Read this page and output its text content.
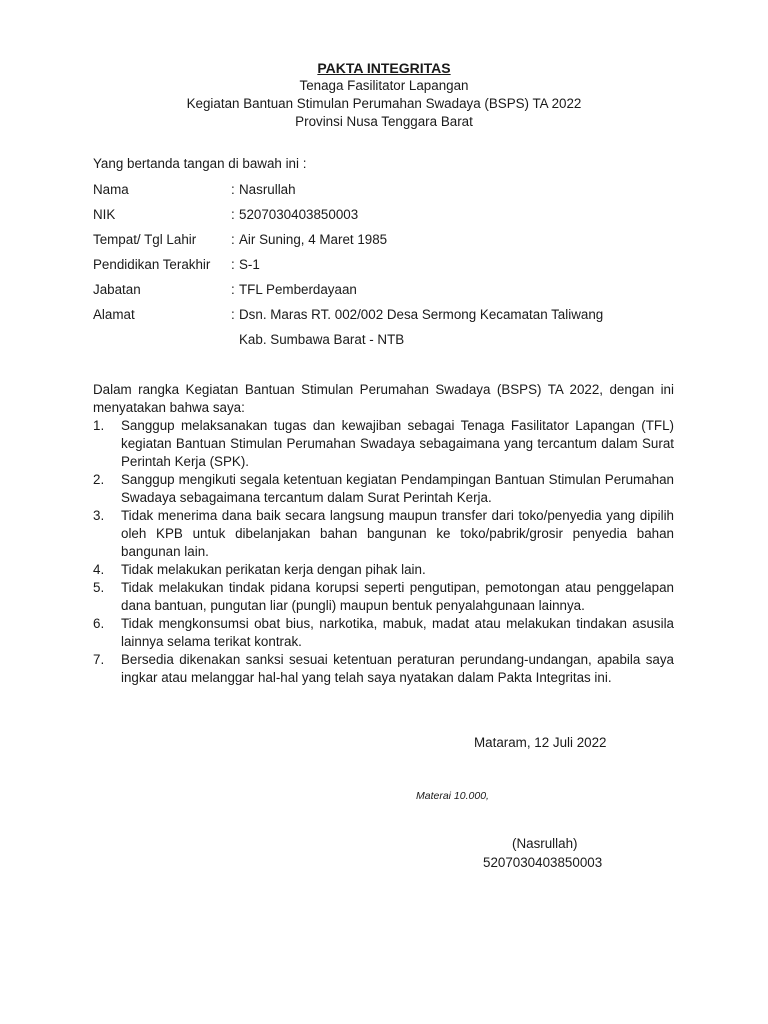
PAKTA INTEGRITAS
Tenaga Fasilitator Lapangan
Kegiatan Bantuan Stimulan Perumahan Swadaya (BSPS) TA 2022
Provinsi Nusa Tenggara Barat
Yang bertanda tangan di bawah ini :
Nama	: Nasrullah
NIK	: 5207030403850003
Tempat/ Tgl Lahir	: Air Suning, 4 Maret 1985
Pendidikan Terakhir	: S-1
Jabatan	: TFL Pemberdayaan
Alamat	: Dsn. Maras RT. 002/002 Desa Sermong Kecamatan Taliwang
Kab. Sumbawa Barat - NTB

Dalam rangka Kegiatan Bantuan Stimulan Perumahan Swadaya (BSPS) TA 2022, dengan ini menyatakan bahwa saya:

1.	Sanggup melaksanakan tugas dan kewajiban sebagai Tenaga Fasilitator Lapangan (TFL) kegiatan Bantuan Stimulan Perumahan Swadaya sebagaimana yang tercantum dalam Surat Perintah Kerja (SPK).
2.	Sanggup mengikuti segala ketentuan kegiatan Pendampingan Bantuan Stimulan Perumahan Swadaya sebagaimana tercantum dalam Surat Perintah Kerja.
3.	Tidak menerima dana baik secara langsung maupun transfer dari toko/penyedia yang dipilih oleh KPB untuk dibelanjakan bahan bangunan ke toko/pabrik/grosir penyedia bahan bangunan lain.
4.	Tidak melakukan perikatan kerja dengan pihak lain.
5.	Tidak melakukan tindak pidana korupsi seperti pengutipan, pemotongan atau penggelapan dana bantuan, pungutan liar (pungli) maupun bentuk penyalahgunaan lainnya.
6.	Tidak mengkonsumsi obat bius, narkotika, mabuk, madat atau melakukan tindakan asusila lainnya selama terikat kontrak.
7.	Bersedia dikenakan sanksi sesuai ketentuan peraturan perundang-undangan, apabila saya ingkar atau melanggar hal-hal yang telah saya nyatakan dalam Pakta Integritas ini.
Mataram, 12 Juli 2022
Materai 10.000,
(Nasrullah)
5207030403850003
